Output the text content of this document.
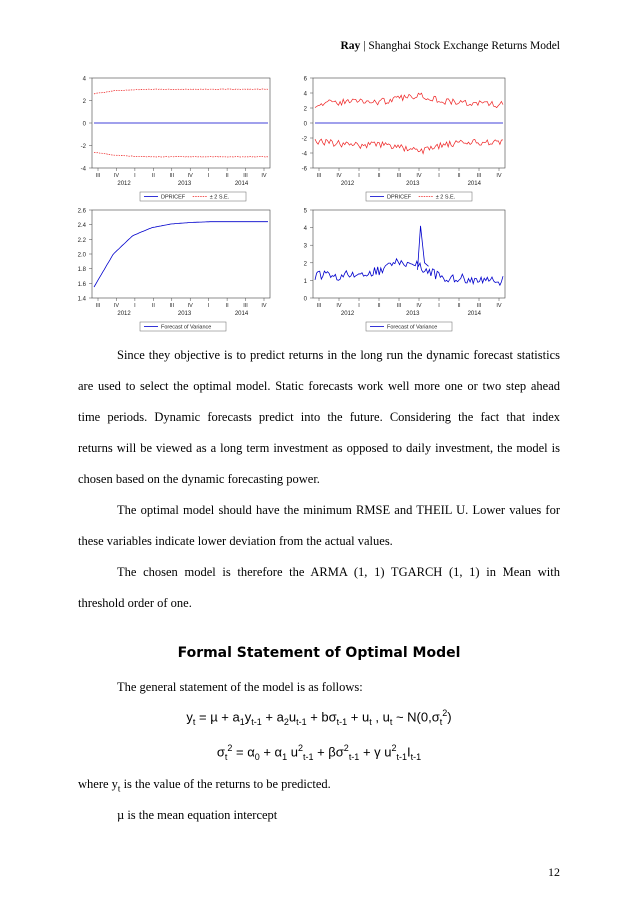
Ray | Shanghai Stock Exchange Returns Model
4
2
0
-2
-4
III IV	I	II	III IV	I	II	III IV
2012	2013	2014
DPRICEF	± 2 S.E.
6
4
2
0
-2
-4
-6
III	IV	I	II	III	IV	I	II	III	IV
2012	2013	2014
DPRICEF	± 2 S.E.
2.6
2.4
2.2
2.0
1.8
1.6
1.4
III IV	I	II	III IV	I	II	III IV
2012	2013	2014
Forecast of Variance
5
4
3
2
1
0
III	IV	I	II	III	IV	I	II	III	IV
2012	2013	2014
Forecast of Variance
Since they objective is to predict returns in the long run the dynamic forecast statistics
are used to select the optimal model. Static forecasts work well more one or two step ahead
time periods. Dynamic forecasts predict into the future. Considering the fact that index
returns will be viewed as a long term investment as opposed to daily investment, the model is
chosen based on the dynamic forecasting power.
The optimal model should have the minimum RMSE and THEIL U. Lower values for
these variables indicate lower deviation from the actual values.
The chosen model is therefore the ARMA (1, 1) TGARCH (1, 1) in Mean with
threshold order of one.
Formal Statement of Optimal Model
The general statement of the model is as follows:
$y_t = \mu + a_1y_{t-1} + a_2u_{t-1} + b\sigma_{t-1} + u_t$ , $u_t$ ~ $N(0,\sigma_t^2)$
$\sigma_t^2 = \alpha_0 + \alpha_1$ $u^2_{t-1} + \beta\sigma^2_{t-1} + \gamma$ $u^2_{t-1}I_{t-1}$
where $y_t$ is the value of the returns to be predicted.
µ is the mean equation intercept
12
